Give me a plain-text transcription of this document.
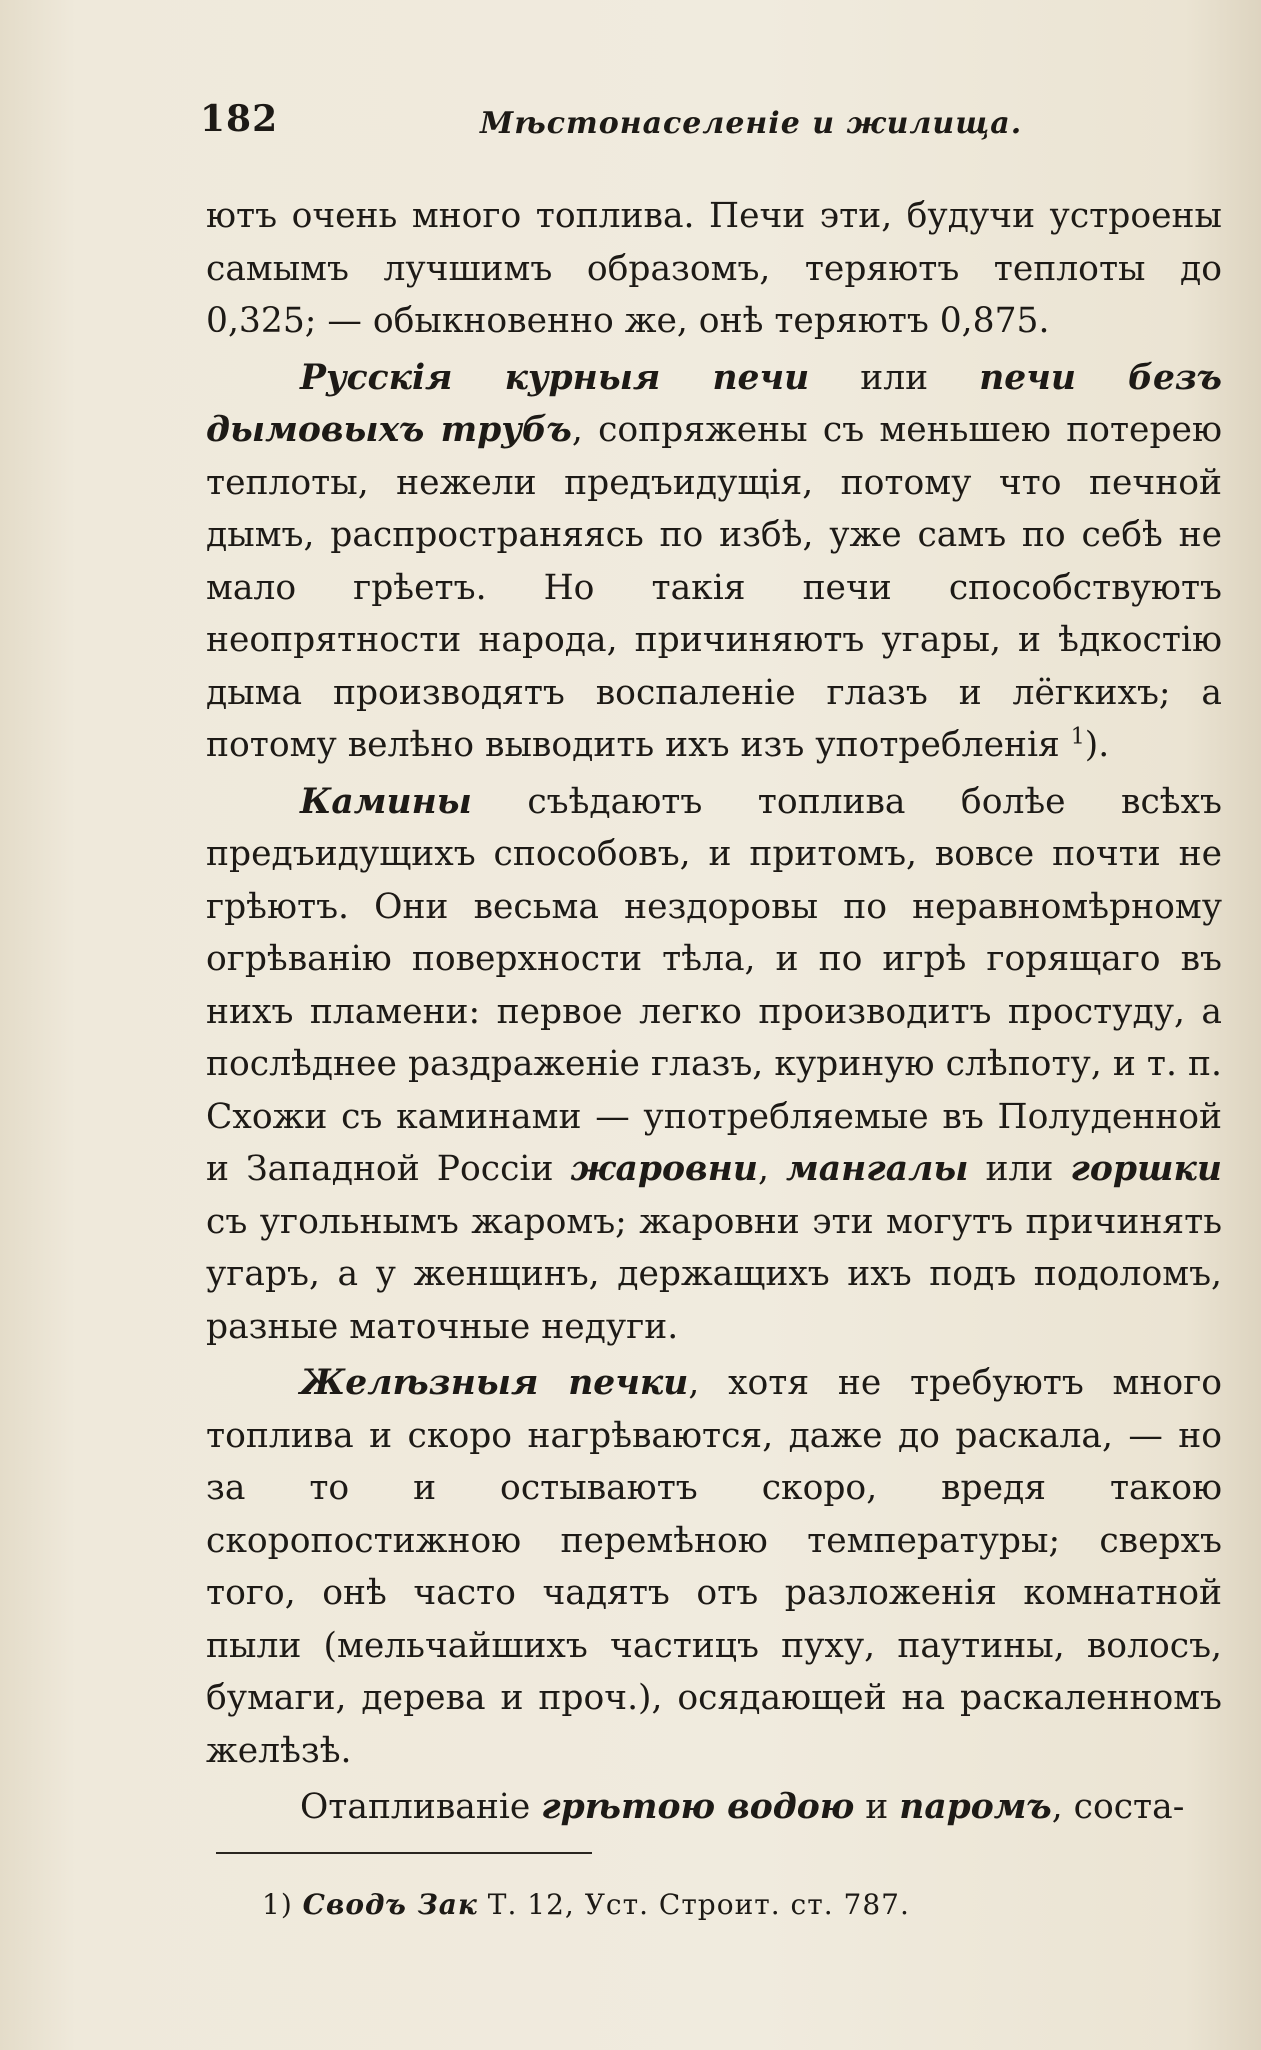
182	Мѣстонаселеніе и жилища.

ютъ очень много топлива. Печи эти, будучи устроены самымъ лучшимъ образомъ, теряютъ теплоты до 0,325; — обыкновенно же, онѣ теряютъ 0,875.

Русскія курныя печи или печи безъ дымовыхъ трубъ, сопряжены съ меньшею потерею теплоты, нежели предъидущія, потому что печной дымъ, распространяясь по избѣ, уже самъ по себѣ не мало грѣетъ. Но такія печи способствуютъ неопрятности народа, причиняютъ угары, и ѣдкостію дыма производятъ воспаленіе глазъ и лёгкихъ; а потому велѣно выводить ихъ изъ употребленія $^1$).

Камины съѣдаютъ топлива болѣе всѣхъ предъидущихъ способовъ, и притомъ, вовсе почти не грѣютъ. Они весьма нездоровы по неравномѣрному огрѣванію поверхности тѣла, и по игрѣ горящаго въ нихъ пламени: первое легко производитъ простуду, а послѣднее раздраженіе глазъ, куриную слѣпоту, и т. п. Схожи съ каминами — употребляемые въ Полуденной и Западной Россіи жаровни, мангалы или горшки съ угольнымъ жаромъ; жаровни эти могутъ причинять угаръ, а у женщинъ, держащихъ ихъ подъ подоломъ, разные маточные недуги.

Желѣзныя печки, хотя не требуютъ много топлива и скоро нагрѣваются, даже до раскала, — но за то и остываютъ скоро, вредя такою скоропостижною перемѣною температуры; сверхъ того, онѣ часто чадятъ отъ разложенія комнатной пыли (мельчайшихъ частицъ пуху, паутины, волосъ, бумаги, дерева и проч.), осядающей на раскаленномъ желѣзѣ.

Отапливаніе грѣтою водою и паромъ, соста-

1) Сводъ Зак Т. 12, Уст. Строит. ст. 787.
